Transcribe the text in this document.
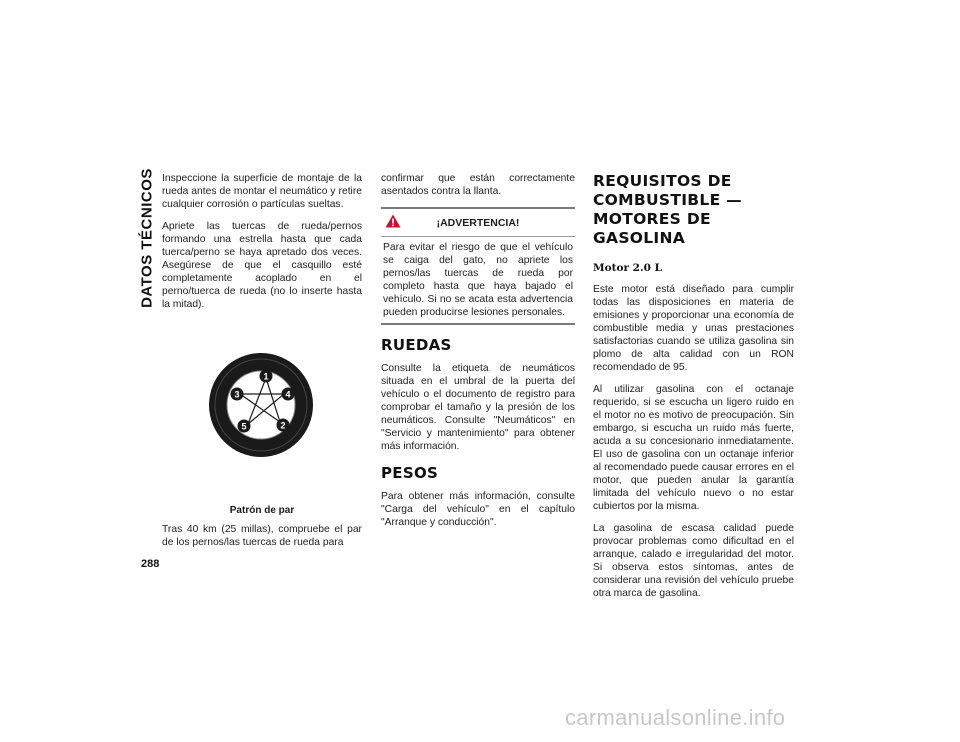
DATOS TÉCNICOS
288

Inspeccione la superficie de montaje de la rueda antes de montar el neumático y retire cualquier corrosión o partículas sueltas.

Apriete las tuercas de rueda/pernos formando una estrella hasta que cada tuerca/perno se haya apretado dos veces. Asegúrese de que el casquillo esté completamente acoplado en el perno/tuerca de rueda (no lo inserte hasta la mitad).

1
4
3
5	2
Patrón de par

Tras 40 km (25 millas), compruebe el par de los pernos/las tuercas de rueda para

confirmar que están correctamente asentados contra la llanta.

¡ADVERTENCIA!

Para evitar el riesgo de que el vehículo se caiga del gato, no apriete los pernos/las tuercas de rueda por completo hasta que haya bajado el vehículo. Si no se acata esta advertencia pueden producirse lesiones personales.

RUEDAS

Consulte la etiqueta de neumáticos situada en el umbral de la puerta del vehículo o el documento de registro para comprobar el tamaño y la presión de los neumáticos. Consulte "Neumáticos" en "Servicio y mantenimiento" para obtener más información.

PESOS

Para obtener más información, consulte "Carga del vehículo" en el capítulo "Arranque y conducción".

REQUISITOS DE COMBUSTIBLE — MOTORES DE GASOLINA
Motor 2.0 L

Este motor está diseñado para cumplir todas las disposiciones en materia de emisiones y proporcionar una economía de combustible media y unas prestaciones satisfactorias cuando se utiliza gasolina sin plomo de alta calidad con un RON recomendado de 95.

Al utilizar gasolina con el octanaje requerido, si se escucha un ligero ruido en el motor no es motivo de preocupación. Sin embargo, si escucha un ruido más fuerte, acuda a su concesionario inmediatamente. El uso de gasolina con un octanaje inferior al recomendado puede causar errores en el motor, que pueden anular la garantía limitada del vehículo nuevo o no estar cubiertos por la misma.

La gasolina de escasa calidad puede provocar problemas como dificultad en el arranque, calado e irregularidad del motor. Si observa estos síntomas, antes de considerar una revisión del vehículo pruebe otra marca de gasolina.

carmanualsonline.info
